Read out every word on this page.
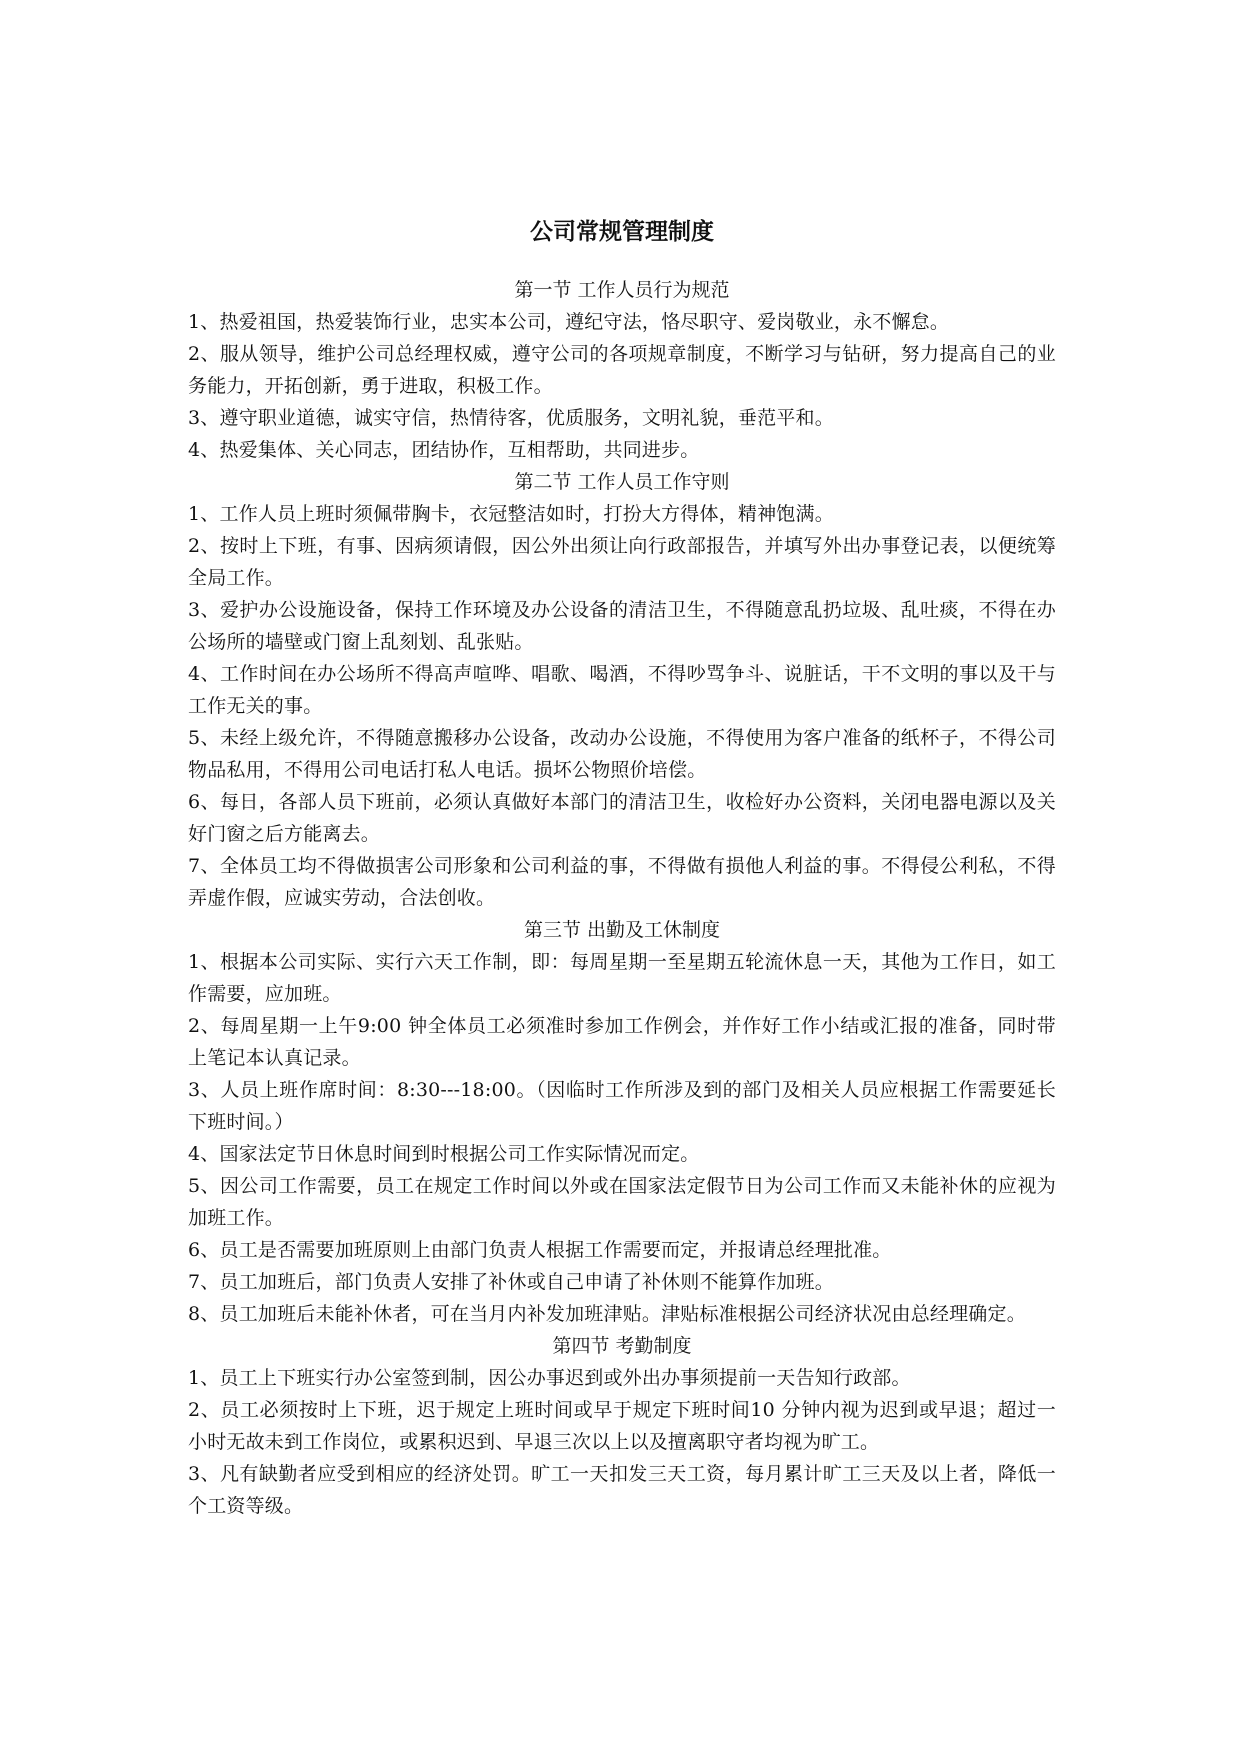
公司常规管理制度
第一节 工作人员行为规范

1、热爱祖国，热爱装饰行业，忠实本公司，遵纪守法，恪尽职守、爱岗敬业，永不懈怠。

2、服从领导，维护公司总经理权威，遵守公司的各项规章制度，不断学习与钻研，努力提高自己的业务能力，开拓创新，勇于进取，积极工作。

3、遵守职业道德，诚实守信，热情待客，优质服务，文明礼貌，垂范平和。

4、热爱集体、关心同志，团结协作，互相帮助，共同进步。

第二节 工作人员工作守则

1、工作人员上班时须佩带胸卡，衣冠整洁如时，打扮大方得体，精神饱满。

2、按时上下班，有事、因病须请假，因公外出须让向行政部报告，并填写外出办事登记表，以便统筹全局工作。

3、爱护办公设施设备，保持工作环境及办公设备的清洁卫生，不得随意乱扔垃圾、乱吐痰，不得在办公场所的墙壁或门窗上乱刻划、乱张贴。

4、工作时间在办公场所不得高声喧哗、唱歌、喝酒，不得吵骂争斗、说脏话，干不文明的事以及干与工作无关的事。

5、未经上级允许，不得随意搬移办公设备，改动办公设施，不得使用为客户准备的纸杯子，不得公司物品私用，不得用公司电话打私人电话。损坏公物照价培偿。

6、每日，各部人员下班前，必须认真做好本部门的清洁卫生，收检好办公资料，关闭电器电源以及关好门窗之后方能离去。

7、全体员工均不得做损害公司形象和公司利益的事，不得做有损他人利益的事。不得侵公利私，不得弄虚作假，应诚实劳动，合法创收。

第三节 出勤及工休制度

1、根据本公司实际、实行六天工作制，即：每周星期一至星期五轮流休息一天，其他为工作日，如工作需要，应加班。

2、每周星期一上午9:00 钟全体员工必须准时参加工作例会，并作好工作小结或汇报的准备，同时带上笔记本认真记录。

3、人员上班作席时间：8:30---18:00。（因临时工作所涉及到的部门及相关人员应根据工作需要延长下班时间。）

4、国家法定节日休息时间到时根据公司工作实际情况而定。

5、因公司工作需要，员工在规定工作时间以外或在国家法定假节日为公司工作而又未能补休的应视为加班工作。

6、员工是否需要加班原则上由部门负责人根据工作需要而定，并报请总经理批准。

7、员工加班后，部门负责人安排了补休或自己申请了补休则不能算作加班。

8、员工加班后未能补休者，可在当月内补发加班津贴。津贴标准根据公司经济状况由总经理确定。

第四节 考勤制度

1、员工上下班实行办公室签到制，因公办事迟到或外出办事须提前一天告知行政部。

2、员工必须按时上下班，迟于规定上班时间或早于规定下班时间10 分钟内视为迟到或早退；超过一小时无故未到工作岗位，或累积迟到、早退三次以上以及擅离职守者均视为旷工。

3、凡有缺勤者应受到相应的经济处罚。旷工一天扣发三天工资，每月累计旷工三天及以上者，降低一个工资等级。
